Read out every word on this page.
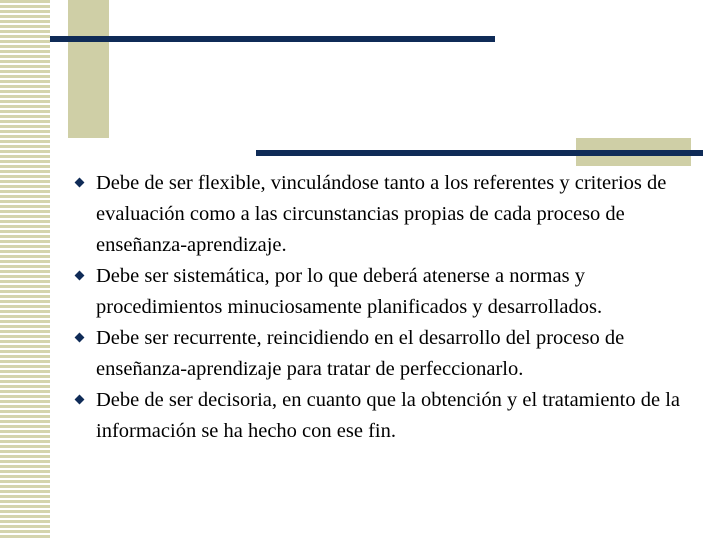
Debe de ser flexible, vinculándose tanto a los referentes y criterios de evaluación como a las circunstancias propias de cada proceso de enseñanza-aprendizaje.
Debe ser sistemática, por lo que deberá atenerse a normas y procedimientos minuciosamente planificados y desarrollados.
Debe ser recurrente, reincidiendo en el desarrollo del proceso de enseñanza-aprendizaje para tratar de perfeccionarlo.
Debe de ser decisoria, en cuanto que la obtención y el tratamiento de la información se ha hecho con ese fin.
